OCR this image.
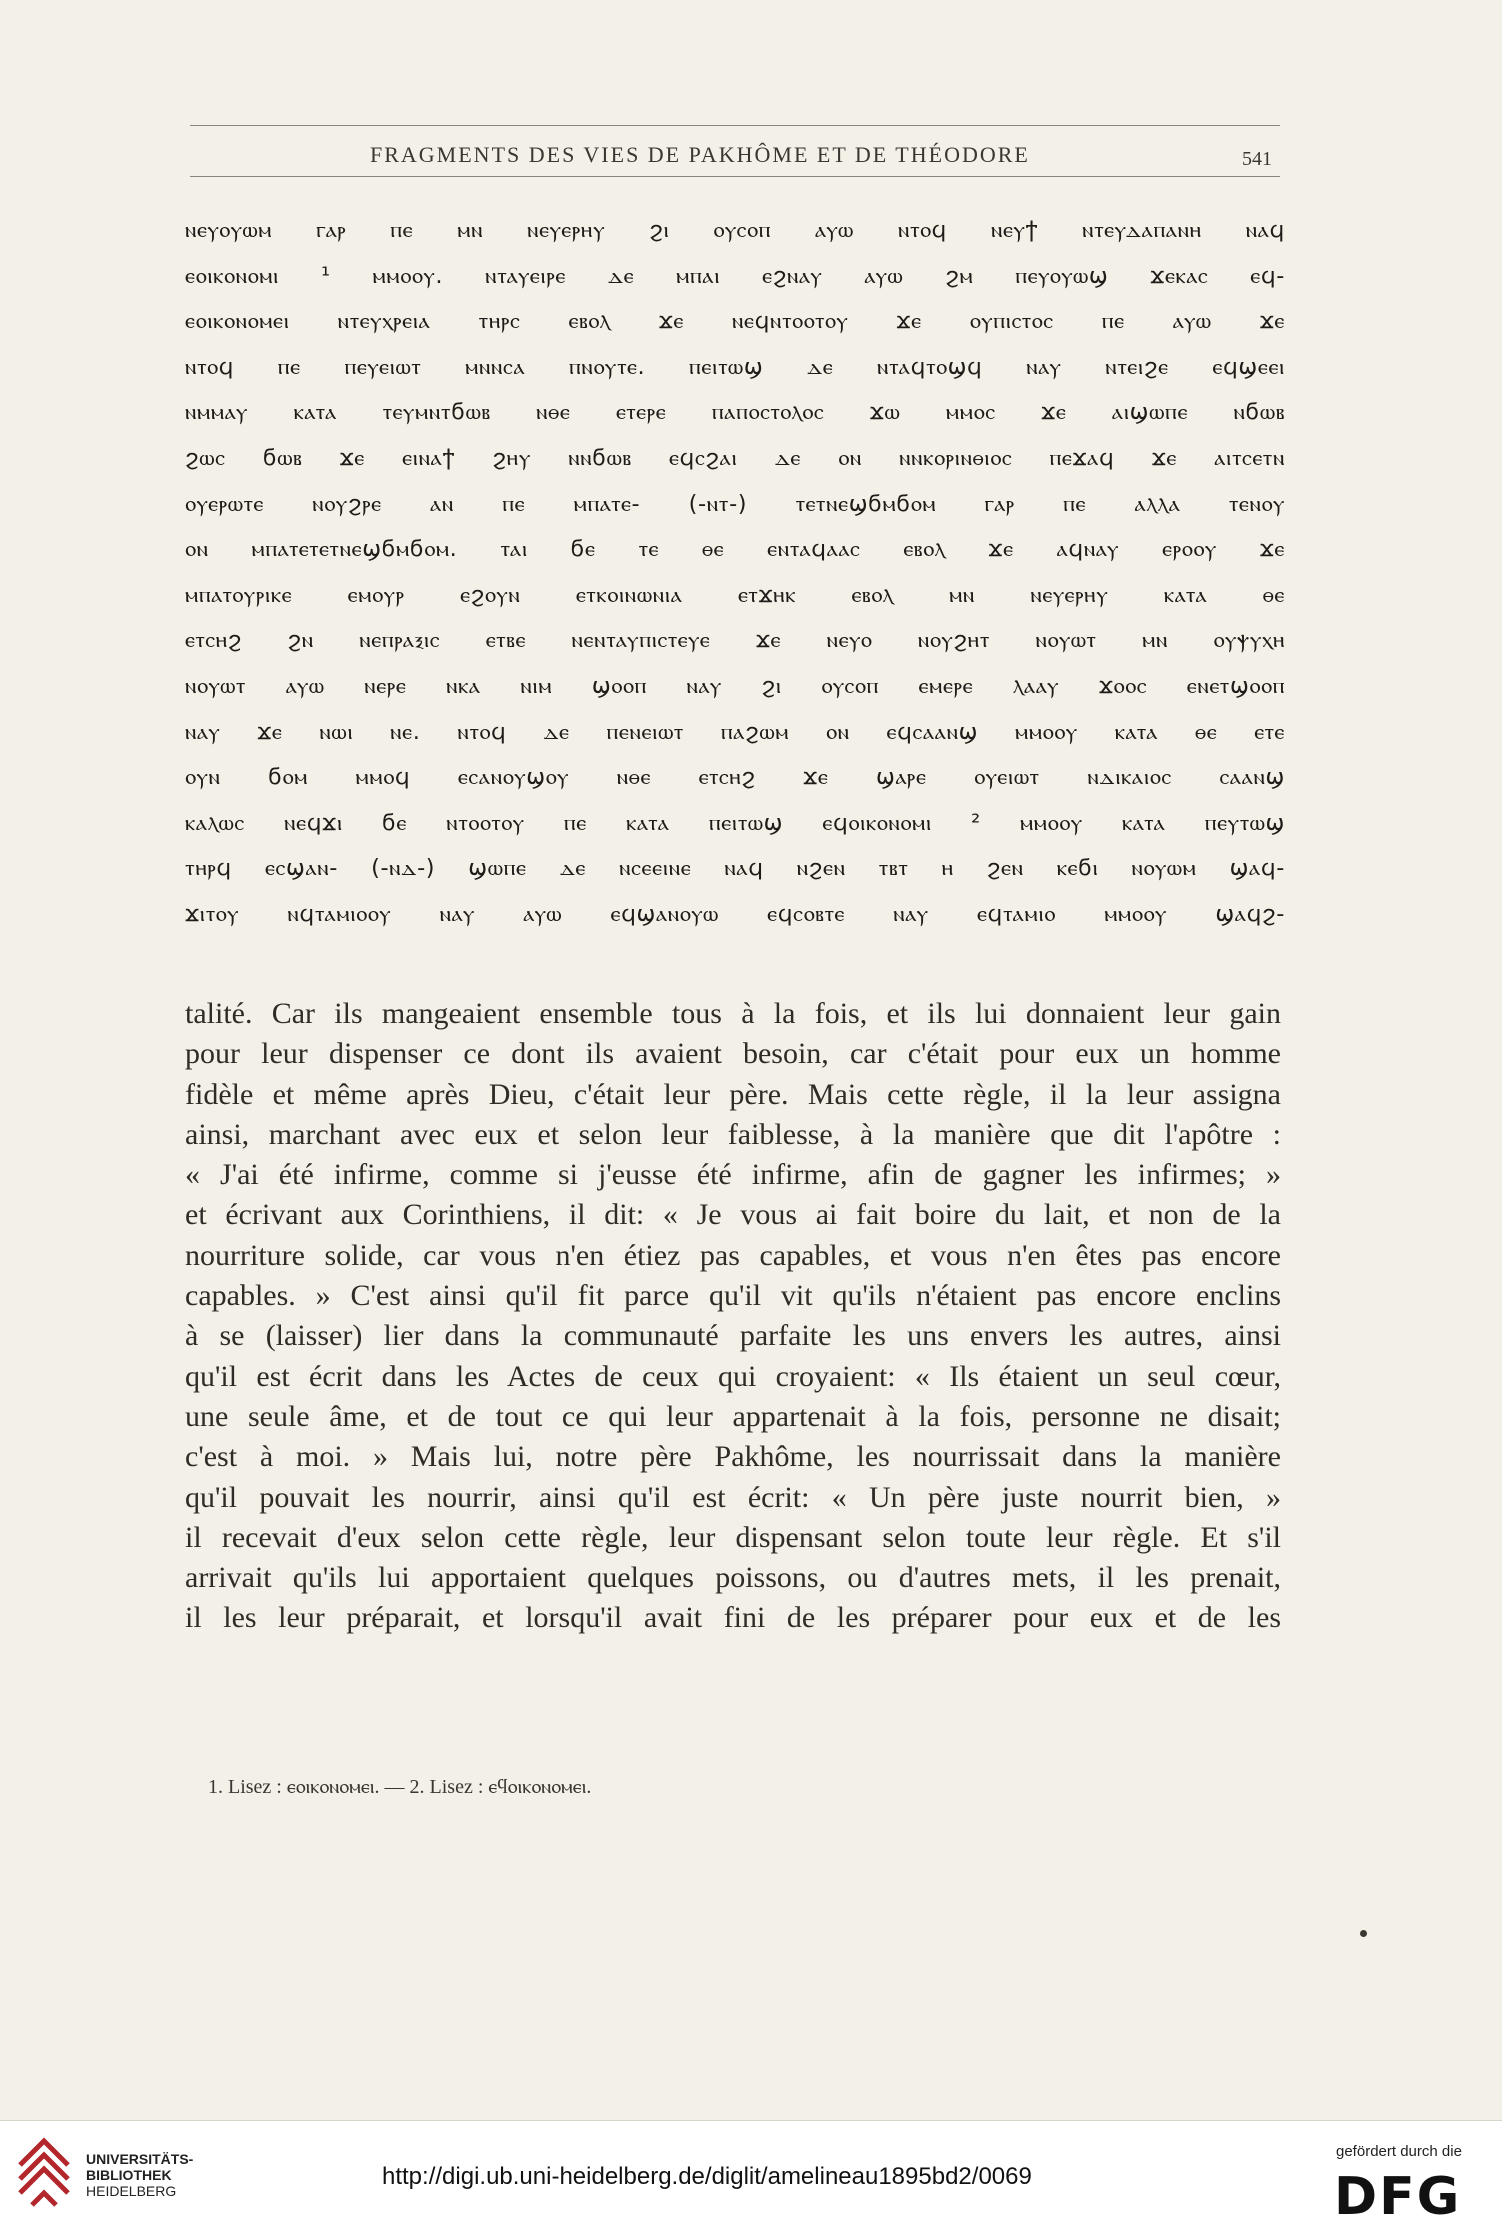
FRAGMENTS DES VIES DE PAKHÔME ET DE THÉODORE	541
ⲛⲉⲩⲟⲩⲱⲙ ⲅⲁⲣ ⲡⲉ ⲙⲛ ⲛⲉⲩⲉⲣⲏⲩ ϩⲓ ⲟⲩⲥⲟⲡ ⲁⲩⲱ ⲛⲧⲟϥ ⲛⲉⲩϯ ⲛⲧⲉⲩⲇⲁⲡⲁⲛⲏ ⲛⲁϥ
ⲉⲟⲓⲕⲟⲛⲟⲙⲓ ¹ ⲙⲙⲟⲟⲩ. ⲛⲧⲁⲩⲉⲓⲣⲉ ⲇⲉ ⲙⲡⲁⲓ ⲉϩⲛⲁⲩ ⲁⲩⲱ ϩⲙ ⲡⲉⲩⲟⲩⲱϣ ϫⲉⲕⲁⲥ ⲉϥ-
ⲉⲟⲓⲕⲟⲛⲟⲙⲉⲓ ⲛⲧⲉⲩⲭⲣⲉⲓⲁ ⲧⲏⲣⲥ ⲉⲃⲟⲗ ϫⲉ ⲛⲉϥⲛⲧⲟⲟⲧⲟⲩ ϫⲉ ⲟⲩⲡⲓⲥⲧⲟⲥ ⲡⲉ ⲁⲩⲱ ϫⲉ
ⲛⲧⲟϥ ⲡⲉ ⲡⲉⲩⲉⲓⲱⲧ ⲙⲛⲛⲥⲁ ⲡⲛⲟⲩⲧⲉ. ⲡⲉⲓⲧⲱϣ ⲇⲉ ⲛⲧⲁϥⲧⲟϣϥ ⲛⲁⲩ ⲛⲧⲉⲓϩⲉ ⲉϥϣⲉⲉⲓ
ⲛⲙⲙⲁⲩ ⲕⲁⲧⲁ ⲧⲉⲩⲙⲛⲧϭⲱⲃ ⲛⲑⲉ ⲉⲧⲉⲣⲉ ⲡⲁⲡⲟⲥⲧⲟⲗⲟⲥ ϫⲱ ⲙⲙⲟⲥ ϫⲉ ⲁⲓϣⲱⲡⲉ ⲛϭⲱⲃ
ϩⲱⲥ ϭⲱⲃ ϫⲉ ⲉⲓⲛⲁϯ ϩⲏⲩ ⲛⲛϭⲱⲃ ⲉϥⲥϩⲁⲓ ⲇⲉ ⲟⲛ ⲛⲛⲕⲟⲣⲓⲛⲑⲓⲟⲥ ⲡⲉϫⲁϥ ϫⲉ ⲁⲓⲧⲥⲉⲧⲛ
ⲟⲩⲉⲣⲱⲧⲉ ⲛⲟⲩϩⲣⲉ ⲁⲛ ⲡⲉ ⲙⲡⲁⲧⲉ- (-ⲛⲧ-) ⲧⲉⲧⲛⲉϣϭⲙϭⲟⲙ ⲅⲁⲣ ⲡⲉ ⲁⲗⲗⲁ ⲧⲉⲛⲟⲩ
ⲟⲛ ⲙⲡⲁⲧⲉⲧⲉⲧⲛⲉϣϭⲙϭⲟⲙ. ⲧⲁⲓ ϭⲉ ⲧⲉ ⲑⲉ ⲉⲛⲧⲁϥⲁⲁⲥ ⲉⲃⲟⲗ ϫⲉ ⲁϥⲛⲁⲩ ⲉⲣⲟⲟⲩ ϫⲉ
ⲙⲡⲁⲧⲟⲩⲣⲓⲕⲉ ⲉⲙⲟⲩⲣ ⲉϩⲟⲩⲛ ⲉⲧⲕⲟⲓⲛⲱⲛⲓⲁ ⲉⲧϫⲏⲕ ⲉⲃⲟⲗ ⲙⲛ ⲛⲉⲩⲉⲣⲏⲩ ⲕⲁⲧⲁ ⲑⲉ
ⲉⲧⲥⲏϩ ϩⲛ ⲛⲉⲡⲣⲁⲝⲓⲥ ⲉⲧⲃⲉ ⲛⲉⲛⲧⲁⲩⲡⲓⲥⲧⲉⲩⲉ ϫⲉ ⲛⲉⲩⲟ ⲛⲟⲩϩⲏⲧ ⲛⲟⲩⲱⲧ ⲙⲛ ⲟⲩⲯⲩⲭⲏ
ⲛⲟⲩⲱⲧ ⲁⲩⲱ ⲛⲉⲣⲉ ⲛⲕⲁ ⲛⲓⲙ ϣⲟⲟⲡ ⲛⲁⲩ ϩⲓ ⲟⲩⲥⲟⲡ ⲉⲙⲉⲣⲉ ⲗⲁⲁⲩ ϫⲟⲟⲥ ⲉⲛⲉⲧϣⲟⲟⲡ
ⲛⲁⲩ ϫⲉ ⲛⲱⲓ ⲛⲉ. ⲛⲧⲟϥ ⲇⲉ ⲡⲉⲛⲉⲓⲱⲧ ⲡⲁϩⲱⲙ ⲟⲛ ⲉϥⲥⲁⲁⲛϣ ⲙⲙⲟⲟⲩ ⲕⲁⲧⲁ ⲑⲉ ⲉⲧⲉ
ⲟⲩⲛ ϭⲟⲙ ⲙⲙⲟϥ ⲉⲥⲁⲛⲟⲩϣⲟⲩ ⲛⲑⲉ ⲉⲧⲥⲏϩ ϫⲉ ϣⲁⲣⲉ ⲟⲩⲉⲓⲱⲧ ⲛⲇⲓⲕⲁⲓⲟⲥ ⲥⲁⲁⲛϣ
ⲕⲁⲗⲱⲥ ⲛⲉϥϫⲓ ϭⲉ ⲛⲧⲟⲟⲧⲟⲩ ⲡⲉ ⲕⲁⲧⲁ ⲡⲉⲓⲧⲱϣ ⲉϥⲟⲓⲕⲟⲛⲟⲙⲓ ² ⲙⲙⲟⲟⲩ ⲕⲁⲧⲁ ⲡⲉⲩⲧⲱϣ
ⲧⲏⲣϥ ⲉⲥϣⲁⲛ- (-ⲛⲇ-) ϣⲱⲡⲉ ⲇⲉ ⲛⲥⲉⲉⲓⲛⲉ ⲛⲁϥ ⲛϩⲉⲛ ⲧⲃⲧ ⲏ ϩⲉⲛ ⲕⲉϭⲓ ⲛⲟⲩⲱⲙ ϣⲁϥ-
ϫⲓⲧⲟⲩ ⲛϥⲧⲁⲙⲓⲟⲟⲩ ⲛⲁⲩ ⲁⲩⲱ ⲉϥϣⲁⲛⲟⲩⲱ ⲉϥⲥⲟⲃⲧⲉ ⲛⲁⲩ ⲉϥⲧⲁⲙⲓⲟ ⲙⲙⲟⲟⲩ ϣⲁϥϩ-
talité. Car ils mangeaient ensemble tous à la fois, et ils lui donnaient leur gain
pour leur dispenser ce dont ils avaient besoin, car c'était pour eux un homme
fidèle et même après Dieu, c'était leur père. Mais cette règle, il la leur assigna
ainsi, marchant avec eux et selon leur faiblesse, à la manière que dit l'apôtre :
« J'ai été infirme, comme si j'eusse été infirme, afin de gagner les infirmes; »
et écrivant aux Corinthiens, il dit: « Je vous ai fait boire du lait, et non de la
nourriture solide, car vous n'en étiez pas capables, et vous n'en êtes pas encore
capables. » C'est ainsi qu'il fit parce qu'il vit qu'ils n'étaient pas encore enclins
à se (laisser) lier dans la communauté parfaite les uns envers les autres, ainsi
qu'il est écrit dans les Actes de ceux qui croyaient: « Ils étaient un seul cœur,
une seule âme, et de tout ce qui leur appartenait à la fois, personne ne disait;
c'est à moi. » Mais lui, notre père Pakhôme, les nourrissait dans la manière
qu'il pouvait les nourrir, ainsi qu'il est écrit: « Un père juste nourrit bien, »
il recevait d'eux selon cette règle, leur dispensant selon toute leur règle. Et s'il
arrivait qu'ils lui apportaient quelques poissons, ou d'autres mets, il les prenait,
il les leur préparait, et lorsqu'il avait fini de les préparer pour eux et de les
1. Lisez : ⲉⲟⲓⲕⲟⲛⲟⲙⲉⲓ. — 2. Lisez : ⲉϥⲟⲓⲕⲟⲛⲟⲙⲉⲓ.
UNIVERSITÄTS-
BIBLIOTHEK
HEIDELBERG
http://digi.ub.uni-heidelberg.de/diglit/amelineau1895bd2/0069
gefördert durch die
DFG
